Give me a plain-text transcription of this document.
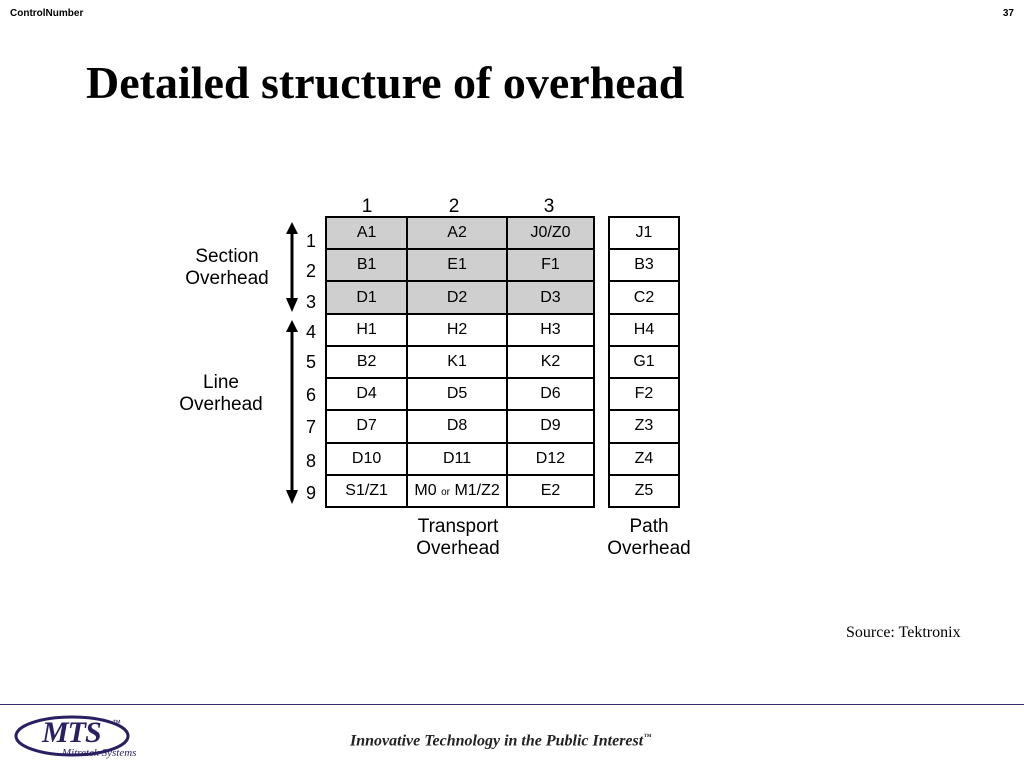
ControlNumber	37
Detailed structure of overhead
1	2	3
Section
Overhead
Line
Overhead
1
2
3
4
5
6
7
8
9
A1	A2	J0/Z0
B1	E1	F1
D1	D2	D3
H1	H2	H3
B2	K1	K2
D4	D5	D6
D7	D8	D9
D10	D11	D12
S1/Z1	M0 or M1/Z2	E2
J1
B3
C2
H4
G1
F2
Z3
Z4
Z5
Transport
Overhead
Path
Overhead
Source: Tektronix
MTS ™
Mitretek Systems
Innovative Technology in the Public Interest™
